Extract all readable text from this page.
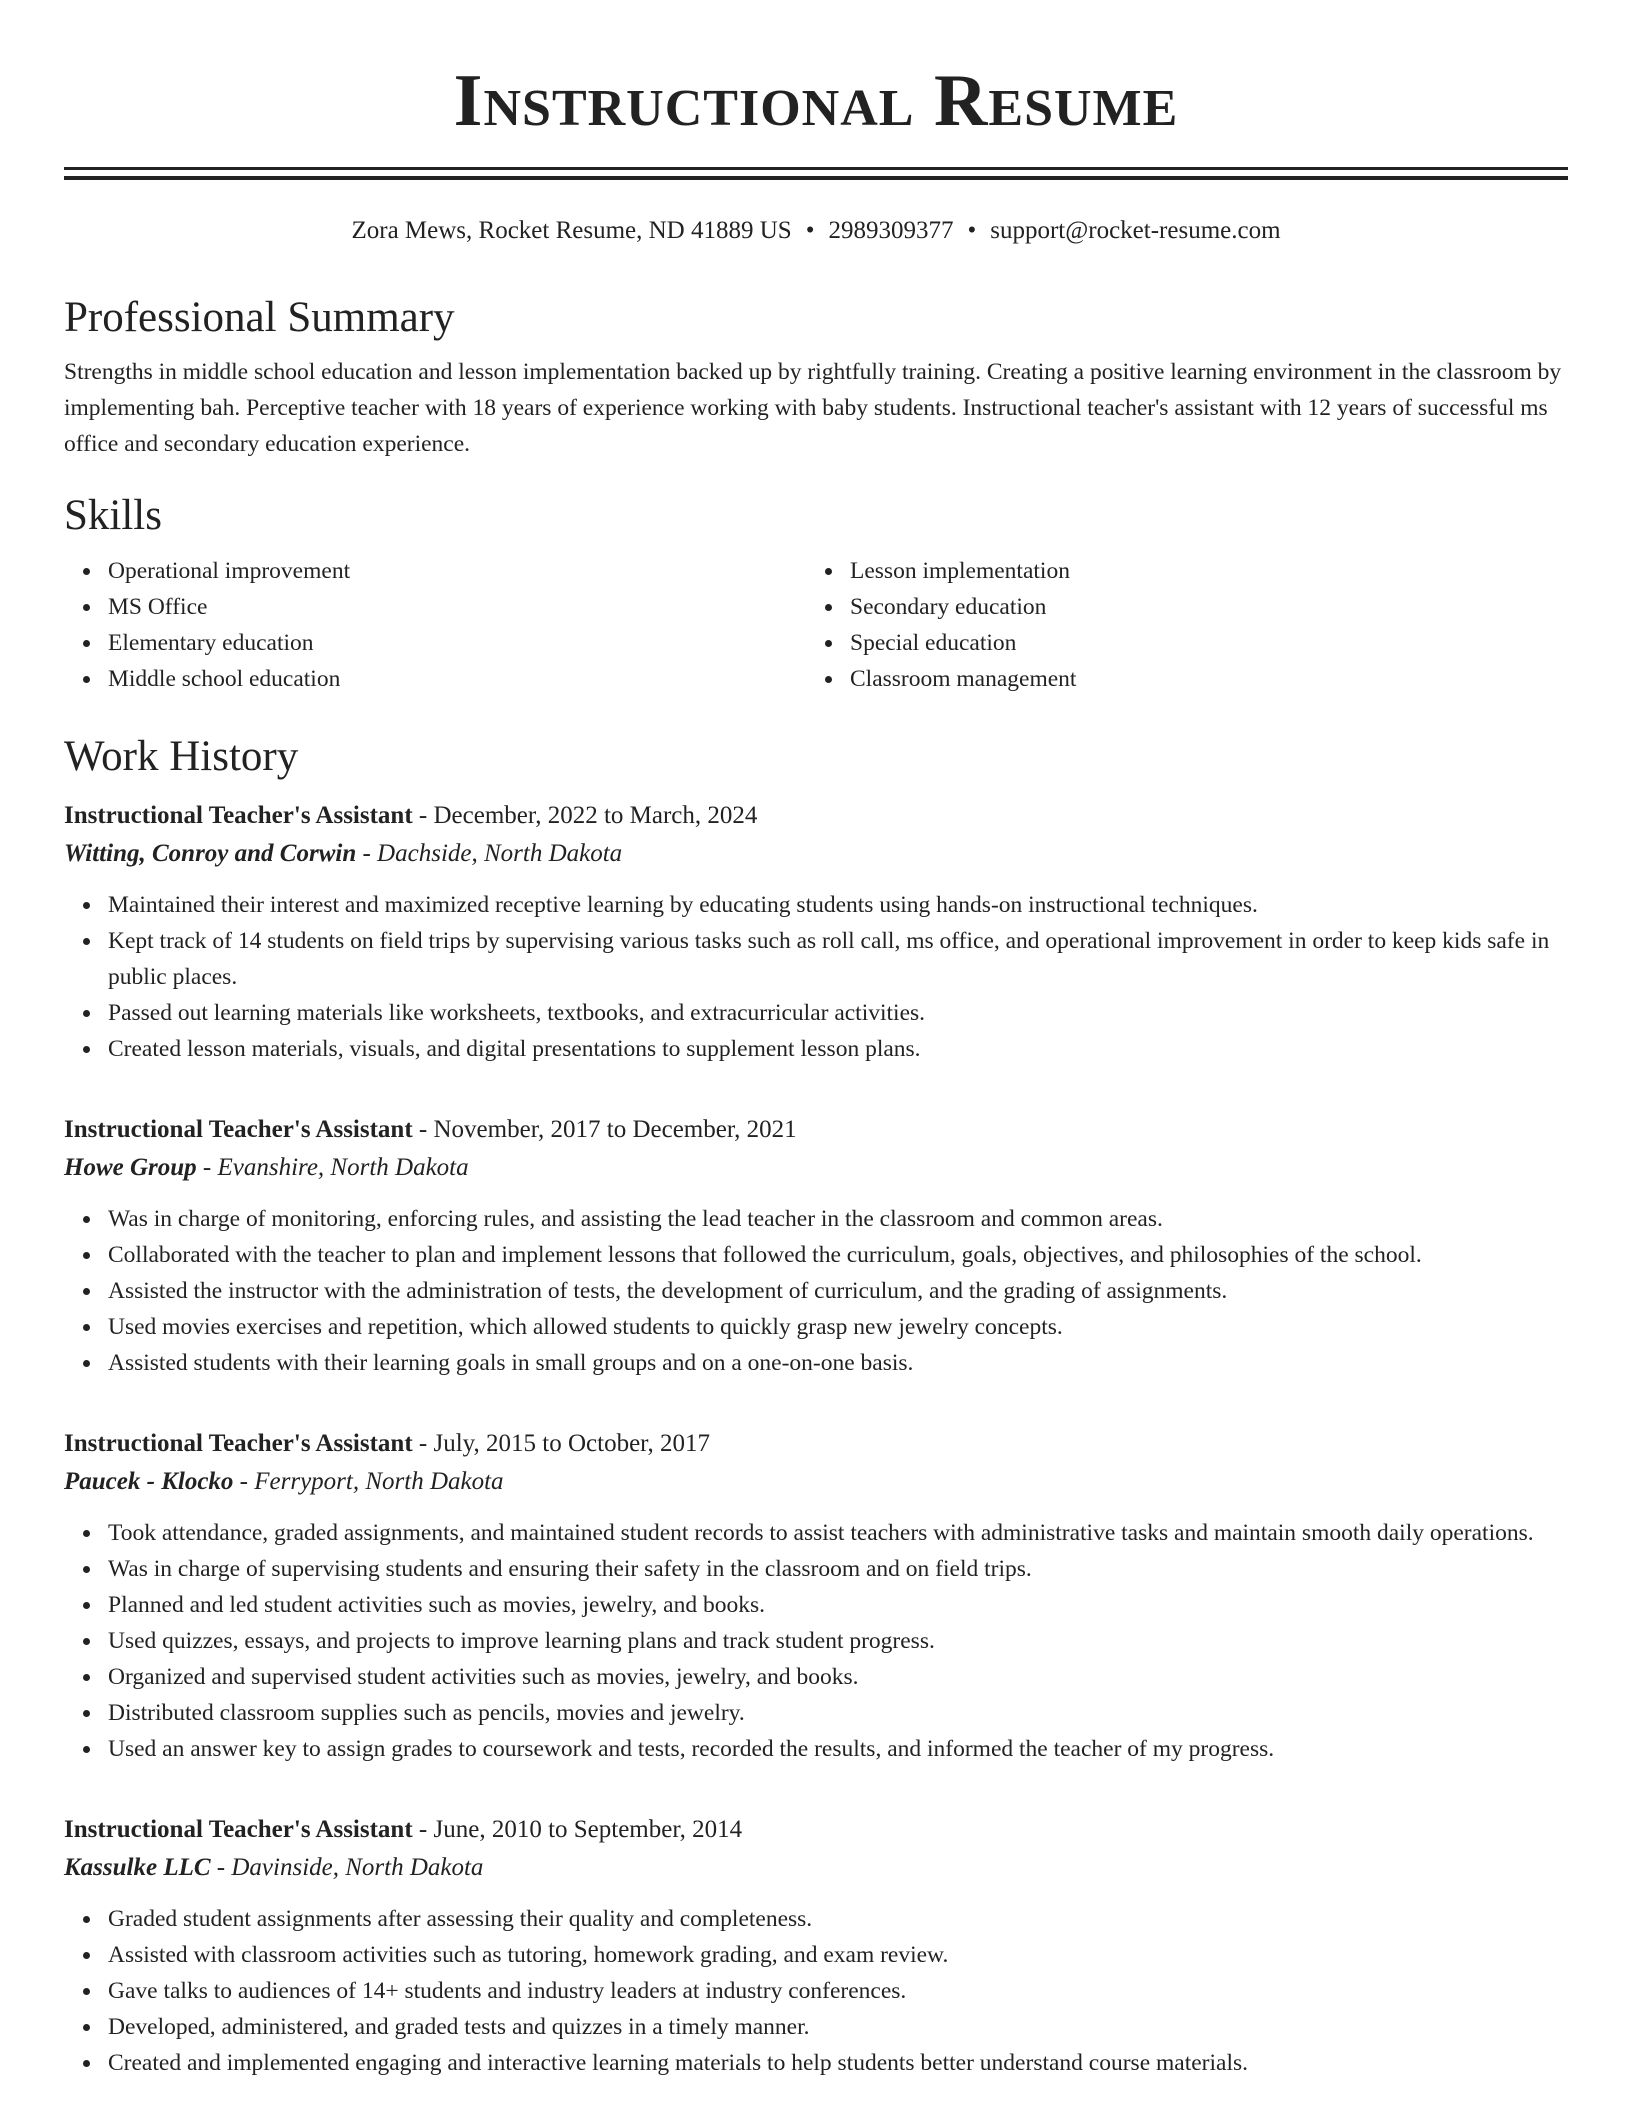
Instructional Resume
Zora Mews, Rocket Resume, ND 41889 US • 2989309377 • support@rocket-resume.com
Professional Summary
Strengths in middle school education and lesson implementation backed up by rightfully training. Creating a positive learning environment in the classroom by implementing bah. Perceptive teacher with 18 years of experience working with baby students. Instructional teacher's assistant with 12 years of successful ms office and secondary education experience.
Skills
Operational improvement
MS Office
Elementary education
Middle school education
Lesson implementation
Secondary education
Special education
Classroom management
Work History
Instructional Teacher's Assistant - December, 2022 to March, 2024
Witting, Conroy and Corwin - Dachside, North Dakota
Maintained their interest and maximized receptive learning by educating students using hands-on instructional techniques.
Kept track of 14 students on field trips by supervising various tasks such as roll call, ms office, and operational improvement in order to keep kids safe in public places.
Passed out learning materials like worksheets, textbooks, and extracurricular activities.
Created lesson materials, visuals, and digital presentations to supplement lesson plans.
Instructional Teacher's Assistant - November, 2017 to December, 2021
Howe Group - Evanshire, North Dakota
Was in charge of monitoring, enforcing rules, and assisting the lead teacher in the classroom and common areas.
Collaborated with the teacher to plan and implement lessons that followed the curriculum, goals, objectives, and philosophies of the school.
Assisted the instructor with the administration of tests, the development of curriculum, and the grading of assignments.
Used movies exercises and repetition, which allowed students to quickly grasp new jewelry concepts.
Assisted students with their learning goals in small groups and on a one-on-one basis.
Instructional Teacher's Assistant - July, 2015 to October, 2017
Paucek - Klocko - Ferryport, North Dakota
Took attendance, graded assignments, and maintained student records to assist teachers with administrative tasks and maintain smooth daily operations.
Was in charge of supervising students and ensuring their safety in the classroom and on field trips.
Planned and led student activities such as movies, jewelry, and books.
Used quizzes, essays, and projects to improve learning plans and track student progress.
Organized and supervised student activities such as movies, jewelry, and books.
Distributed classroom supplies such as pencils, movies and jewelry.
Used an answer key to assign grades to coursework and tests, recorded the results, and informed the teacher of my progress.
Instructional Teacher's Assistant - June, 2010 to September, 2014
Kassulke LLC - Davinside, North Dakota
Graded student assignments after assessing their quality and completeness.
Assisted with classroom activities such as tutoring, homework grading, and exam review.
Gave talks to audiences of 14+ students and industry leaders at industry conferences.
Developed, administered, and graded tests and quizzes in a timely manner.
Created and implemented engaging and interactive learning materials to help students better understand course materials.
